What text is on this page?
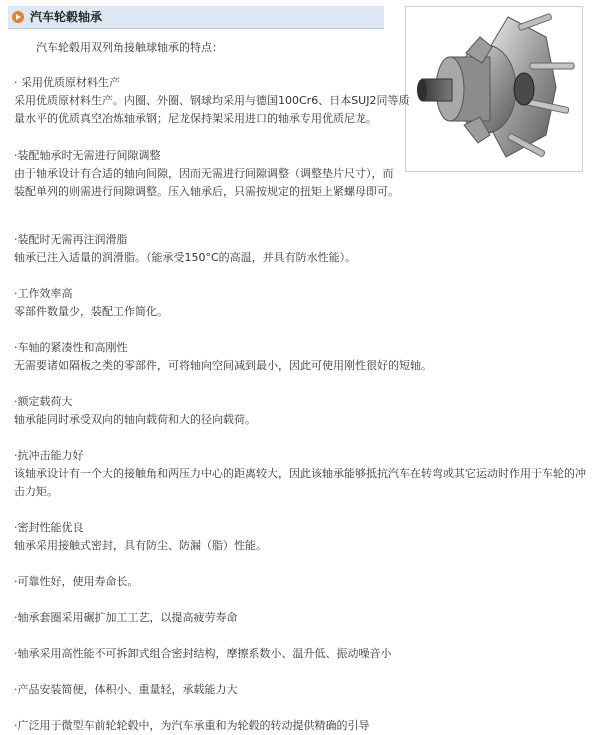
汽车轮毂轴承
汽车轮毂用双列角接触球轴承的特点：
· 采用优质原材料生产

采用优质原材料生产。内圈、外圈、钢球均采用与德国100Cr6、日本SUJ2同等质

量水平的优质真空冶炼轴承钢；尼龙保持架采用进口的轴承专用优质尼龙。

·装配轴承时无需进行间隙调整

由于轴承设计有合适的轴向间隙，因而无需进行间隙调整（调整垫片尺寸），而

装配单列的则需进行间隙调整。压入轴承后，只需按规定的扭矩上紧螺母即可。

·装配时无需再注润滑脂

轴承已注入适量的润滑脂。（能承受150°C的高温，并具有防水性能）。

·工作效率高

零部件数量少，装配工作简化。

·车轴的紧凑性和高刚性

无需要诸如隔板之类的零部件，可将轴向空间减到最小，因此可使用刚性很好的短轴。

·额定载荷大

轴承能同时承受双向的轴向载荷和大的径向载荷。

·抗冲击能力好

该轴承设计有一个大的接触角和两压力中心的距离较大，因此该轴承能够抵抗汽车在转弯或其它运动时作用于车轮的冲击力矩。

·密封性能优良

轴承采用接触式密封，具有防尘、防漏（脂）性能。

·可靠性好，使用寿命长。
·轴承套圈采用碾扩加工工艺，以提高疲劳寿命
·轴承采用高性能不可拆卸式组合密封结构，摩擦系数小、温升低、振动噪音小
·产品安装简便，体积小、重量轻，承载能力大
·广泛用于微型车前轮轮毂中，为汽车承重和为轮毂的转动提供精确的引导
